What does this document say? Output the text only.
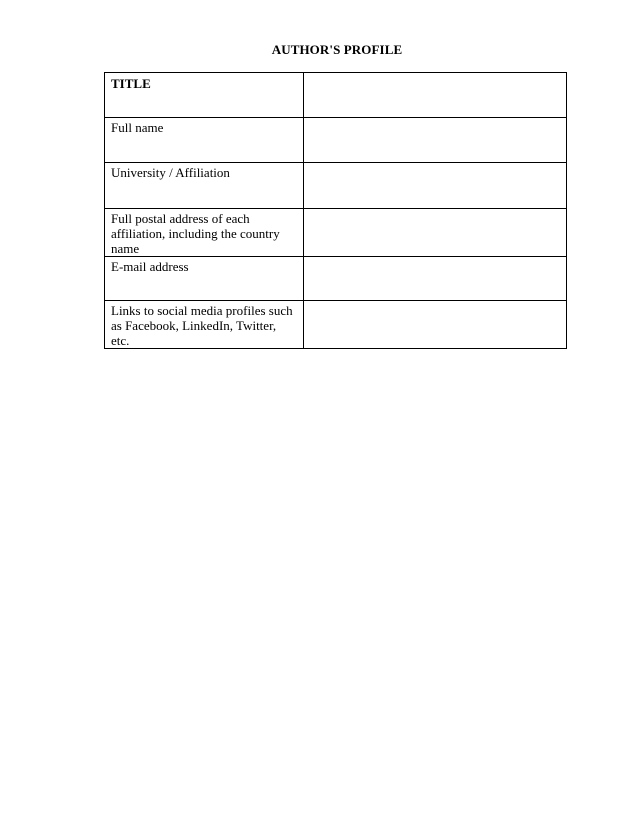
AUTHOR'S PROFILE
TITLE	
Full name	
University / Affiliation	
Full postal address of each affiliation, including the country name	
E-mail address	
Links to social media profiles such as Facebook, LinkedIn, Twitter, etc.	
